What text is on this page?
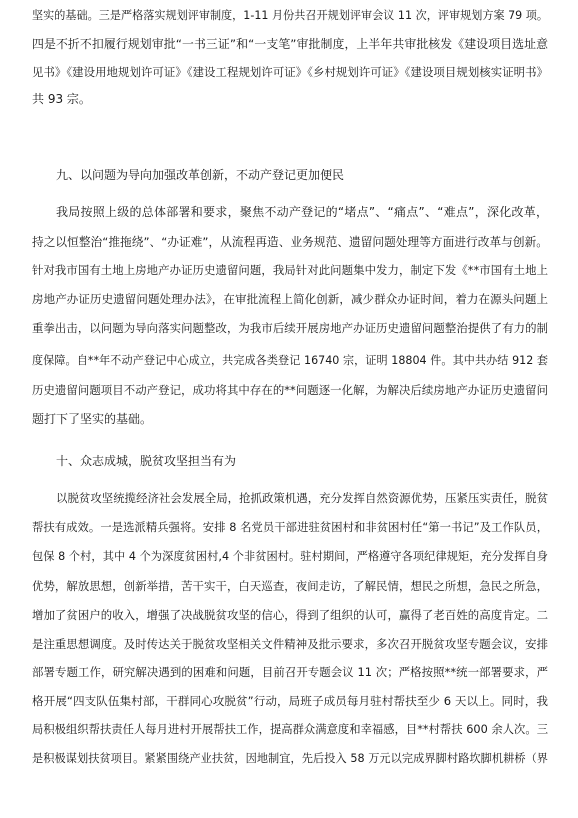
坚实的基础。三是严格落实规划评审制度，1-11 月份共召开规划评审会议 11 次，评审规划方案 79 项。
四是不折不扣履行规划审批“一书三证”和“一支笔”审批制度，上半年共审批核发《建设项目选址意
见书》《建设用地规划许可证》《建设工程规划许可证》《乡村规划许可证》《建设项目规划核实证明书》
共 93 宗。
九、以问题为导向加强改革创新，不动产登记更加便民
我局按照上级的总体部署和要求，聚焦不动产登记的“堵点”、“痛点”、“难点”，深化改革，
持之以恒整治“推拖绕”、“办证难”，从流程再造、业务规范、遗留问题处理等方面进行改革与创新。
针对我市国有土地上房地产办证历史遗留问题，我局针对此问题集中发力，制定下发《**市国有土地上
房地产办证历史遗留问题处理办法》，在审批流程上简化创新，减少群众办证时间，着力在源头问题上
重拳出击，以问题为导向落实问题整改，为我市后续开展房地产办证历史遗留问题整治提供了有力的制
度保障。自**年不动产登记中心成立，共完成各类登记 16740 宗，证明 18804 件。其中共办结 912 套
历史遗留问题项目不动产登记，成功将其中存在的**问题逐一化解，为解决后续房地产办证历史遗留问
题打下了坚实的基础。
十、众志成城，脱贫攻坚担当有为
以脱贫攻坚统揽经济社会发展全局，抢抓政策机遇，充分发挥自然资源优势，压紧压实责任，脱贫
帮扶有成效。一是选派精兵强将。安排 8 名党员干部进驻贫困村和非贫困村任“第一书记”及工作队员，
包保 8 个村，其中 4 个为深度贫困村,4 个非贫困村。驻村期间，严格遵守各项纪律规矩，充分发挥自身
优势，解放思想，创新举措，苦干实干，白天巡查，夜间走访，了解民情，想民之所想，急民之所急，
增加了贫困户的收入，增强了决战脱贫攻坚的信心，得到了组织的认可，赢得了老百姓的高度肯定。二
是注重思想调度。及时传达关于脱贫攻坚相关文件精神及批示要求，多次召开脱贫攻坚专题会议，安排
部署专题工作，研究解决遇到的困难和问题，目前召开专题会议 11 次；严格按照**统一部署要求，严
格开展“四支队伍集村部，干群同心攻脱贫”行动，局班子成员每月驻村帮扶至少 6 天以上。同时，我
局积极组织帮扶责任人每月进村开展帮扶工作，提高群众满意度和幸福感，目**村帮扶 600 余人次。三
是积极谋划扶贫项目。紧紧围绕产业扶贫，因地制宜，先后投入 58 万元以完成界脚村路坎脚机耕桥（界
